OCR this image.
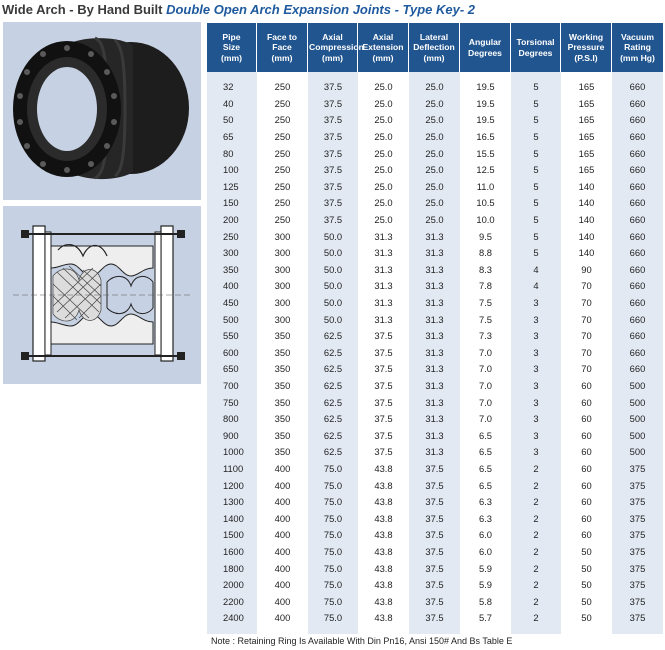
Wide Arch - By Hand Built Double Open Arch Expansion Joints - Type Key- 2
Pipe
Size
(mm)	Face to
Face
(mm)	Axial
Compression
(mm)	Axial
Extension
(mm)	Lateral
Deflection
(mm)	Angular
Degrees	Torsional
Degrees	Working
Pressure
(P.S.I)	Vacuum
Rating
(mm Hg)

32	250	37.5	25.0	25.0	19.5	5	165	660
40	250	37.5	25.0	25.0	19.5	5	165	660
50	250	37.5	25.0	25.0	19.5	5	165	660
65	250	37.5	25.0	25.0	16.5	5	165	660
80	250	37.5	25.0	25.0	15.5	5	165	660
100	250	37.5	25.0	25.0	12.5	5	165	660
125	250	37.5	25.0	25.0	11.0	5	140	660
150	250	37.5	25.0	25.0	10.5	5	140	660
200	250	37.5	25.0	25.0	10.0	5	140	660
250	300	50.0	31.3	31.3	9.5	5	140	660
300	300	50.0	31.3	31.3	8.8	5	140	660
350	300	50.0	31.3	31.3	8.3	4	90	660
400	300	50.0	31.3	31.3	7.8	4	70	660
450	300	50.0	31.3	31.3	7.5	3	70	660
500	300	50.0	31.3	31.3	7.5	3	70	660
550	350	62.5	37.5	31.3	7.3	3	70	660
600	350	62.5	37.5	31.3	7.0	3	70	660
650	350	62.5	37.5	31.3	7.0	3	70	660
700	350	62.5	37.5	31.3	7.0	3	60	500
750	350	62.5	37.5	31.3	7.0	3	60	500
800	350	62.5	37.5	31.3	7.0	3	60	500
900	350	62.5	37.5	31.3	6.5	3	60	500
1000	350	62.5	37.5	31.3	6.5	3	60	500
1100	400	75.0	43.8	37.5	6.5	2	60	375
1200	400	75.0	43.8	37.5	6.5	2	60	375
1300	400	75.0	43.8	37.5	6.3	2	60	375
1400	400	75.0	43.8	37.5	6.3	2	60	375
1500	400	75.0	43.8	37.5	6.0	2	60	375
1600	400	75.0	43.8	37.5	6.0	2	50	375
1800	400	75.0	43.8	37.5	5.9	2	50	375
2000	400	75.0	43.8	37.5	5.9	2	50	375
2200	400	75.0	43.8	37.5	5.8	2	50	375
2400	400	75.0	43.8	37.5	5.7	2	50	375

Note : Retaining Ring Is Available With Din Pn16, Ansi 150# And Bs Table E
